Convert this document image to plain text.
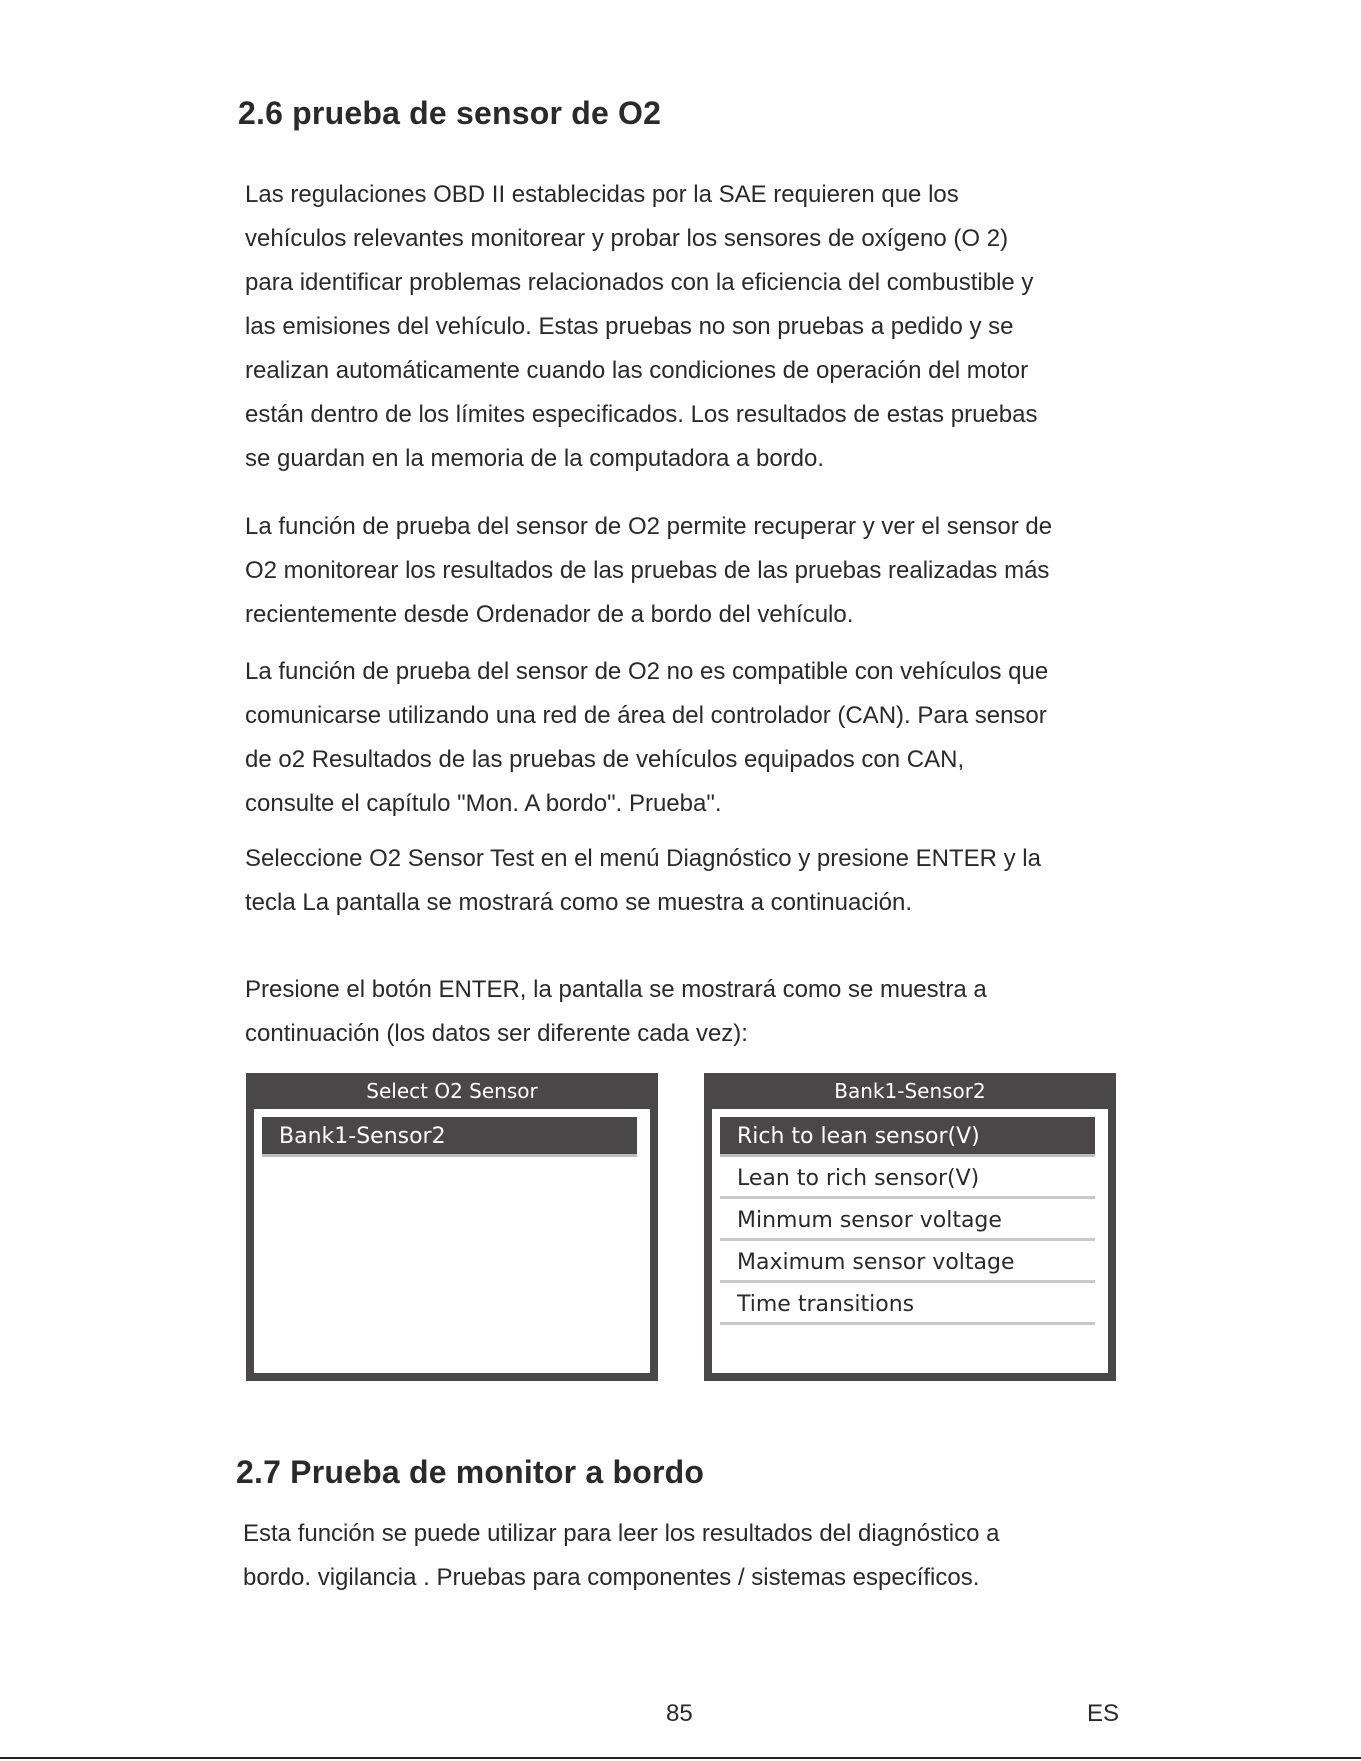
2.6 prueba de sensor de O2
Las regulaciones OBD II establecidas por la SAE requieren que los
vehículos relevantes monitorear y probar los sensores de oxígeno (O 2)
para identificar problemas relacionados con la eficiencia del combustible y
las emisiones del vehículo. Estas pruebas no son pruebas a pedido y se
realizan automáticamente cuando las condiciones de operación del motor
están dentro de los límites especificados. Los resultados de estas pruebas
se guardan en la memoria de la computadora a bordo.
La función de prueba del sensor de O2 permite recuperar y ver el sensor de
O2 monitorear los resultados de las pruebas de las pruebas realizadas más
recientemente desde Ordenador de a bordo del vehículo.
La función de prueba del sensor de O2 no es compatible con vehículos que
comunicarse utilizando una red de área del controlador (CAN). Para sensor
de o2 Resultados de las pruebas de vehículos equipados con CAN,
consulte el capítulo "Mon. A bordo". Prueba".
Seleccione O2 Sensor Test en el menú Diagnóstico y presione ENTER y la
tecla La pantalla se mostrará como se muestra a continuación.
Presione el botón ENTER, la pantalla se mostrará como se muestra a
continuación (los datos ser diferente cada vez):
Select O2 Sensor
Bank1-Sensor2
Bank1-Sensor2
Rich to lean sensor(V)
Lean to rich sensor(V)
Minmum sensor voltage
Maximum sensor voltage
Time transitions
2.7 Prueba de monitor a bordo
Esta función se puede utilizar para leer los resultados del diagnóstico a
bordo. vigilancia . Pruebas para componentes / sistemas específicos.
85	ES
